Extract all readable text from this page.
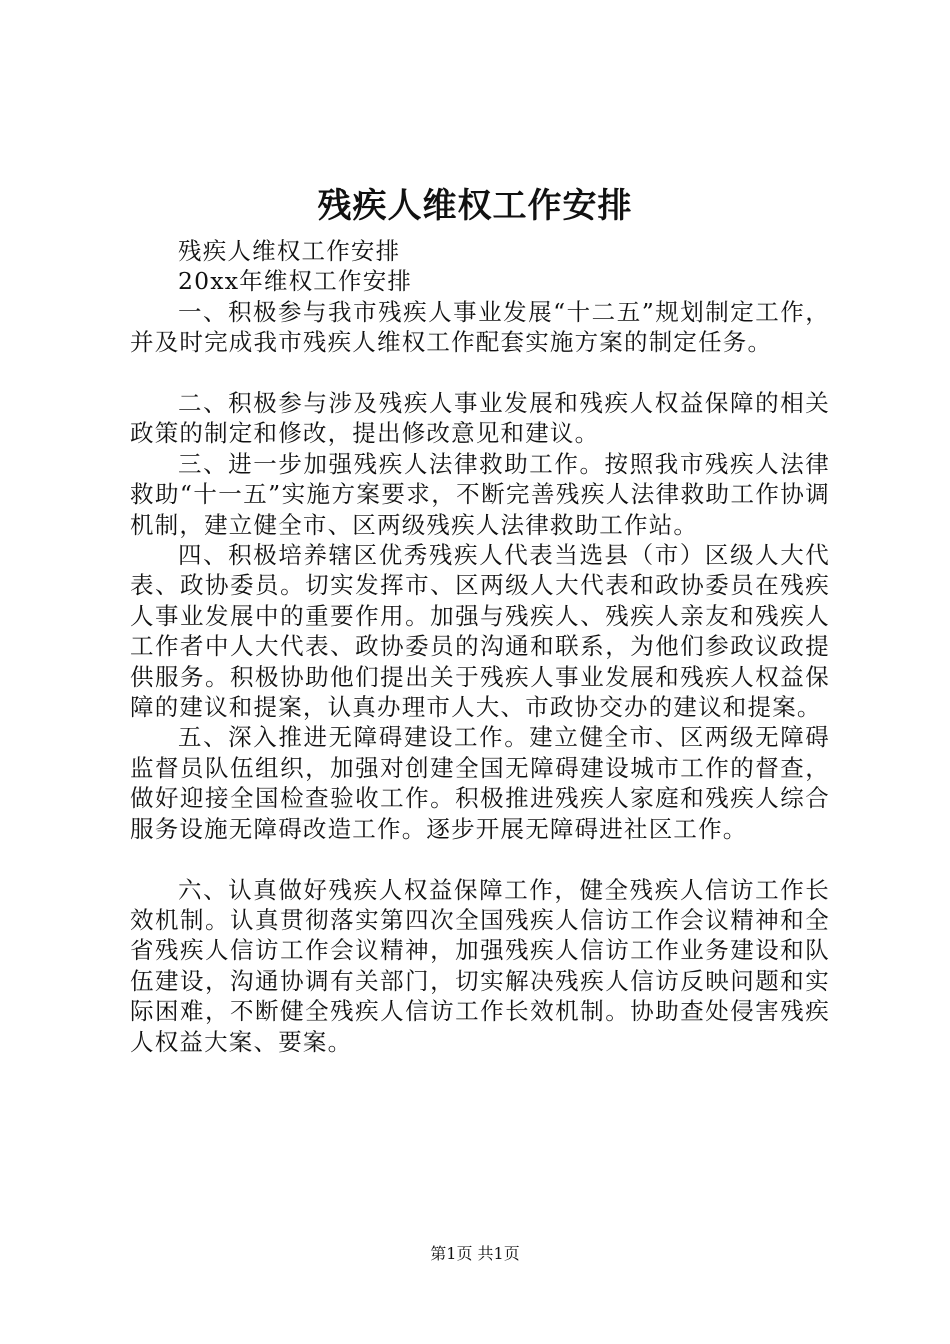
残疾人维权工作安排

残疾人维权工作安排

20xx年维权工作安排

一、积极参与我市残疾人事业发展“十二五”规划制定工作，并及时完成我市残疾人维权工作配套实施方案的制定任务。

二、积极参与涉及残疾人事业发展和残疾人权益保障的相关政策的制定和修改，提出修改意见和建议。

三、进一步加强残疾人法律救助工作。按照我市残疾人法律救助“十一五”实施方案要求，不断完善残疾人法律救助工作协调机制，建立健全市、区两级残疾人法律救助工作站。

四、积极培养辖区优秀残疾人代表当选县（市）区级人大代表、政协委员。切实发挥市、区两级人大代表和政协委员在残疾人事业发展中的重要作用。加强与残疾人、残疾人亲友和残疾人工作者中人大代表、政协委员的沟通和联系，为他们参政议政提供服务。积极协助他们提出关于残疾人事业发展和残疾人权益保障的建议和提案，认真办理市人大、市政协交办的建议和提案。

五、深入推进无障碍建设工作。建立健全市、区两级无障碍监督员队伍组织，加强对创建全国无障碍建设城市工作的督查，做好迎接全国检查验收工作。积极推进残疾人家庭和残疾人综合服务设施无障碍改造工作。逐步开展无障碍进社区工作。

六、认真做好残疾人权益保障工作，健全残疾人信访工作长效机制。认真贯彻落实第四次全国残疾人信访工作会议精神和全省残疾人信访工作会议精神，加强残疾人信访工作业务建设和队伍建设，沟通协调有关部门，切实解决残疾人信访反映问题和实际困难，不断健全残疾人信访工作长效机制。协助查处侵害残疾人权益大案、要案。

第1页 共1页
